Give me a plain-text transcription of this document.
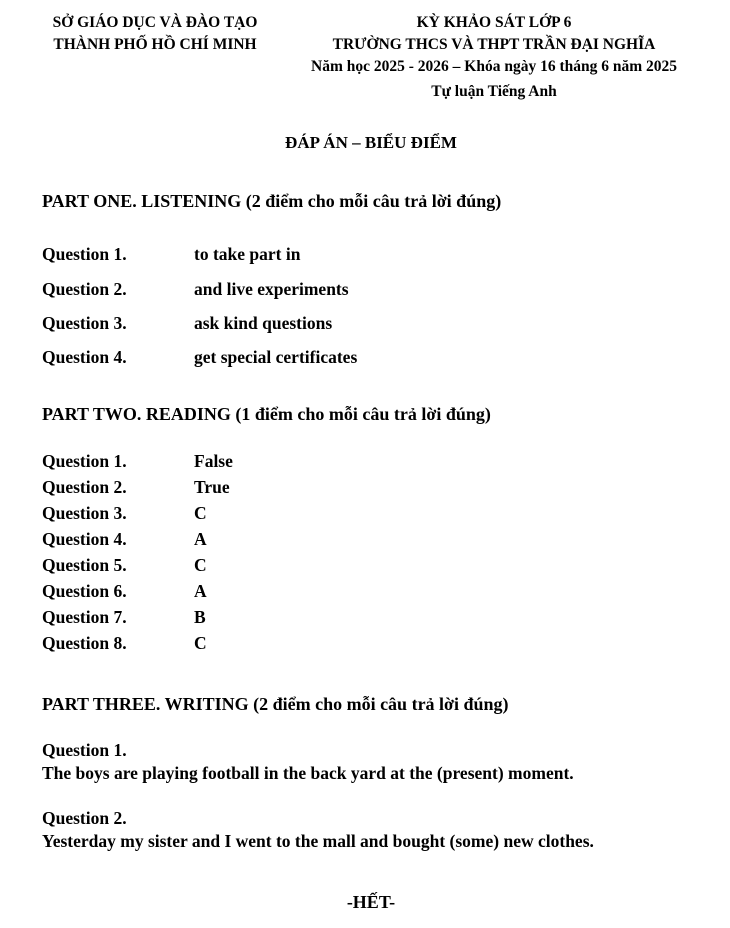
SỞ GIÁO DỤC VÀ ĐÀO TẠO
THÀNH PHỐ HỒ CHÍ MINH
KỲ KHẢO SÁT LỚP 6
TRƯỜNG THCS VÀ THPT TRẦN ĐẠI NGHĨA
Năm học 2025 - 2026 – Khóa ngày 16 tháng 6 năm 2025
Tự luận Tiếng Anh
ĐÁP ÁN – BIỂU ĐIỂM
PART ONE. LISTENING (2 điểm cho mỗi câu trả lời đúng)
Question 1.	to take part in
Question 2.	and live experiments
Question 3.	ask kind questions
Question 4.	get special certificates
PART TWO. READING (1 điểm cho mỗi câu trả lời đúng)
Question 1.	False
Question 2.	True
Question 3.	C
Question 4.	A
Question 5.	C
Question 6.	A
Question 7.	B
Question 8.	C
PART THREE. WRITING (2 điểm cho mỗi câu trả lời đúng)
Question 1.
The boys are playing football in the back yard at the (present) moment.
Question 2.
Yesterday my sister and I went to the mall and bought (some) new clothes.
-HẾT-
